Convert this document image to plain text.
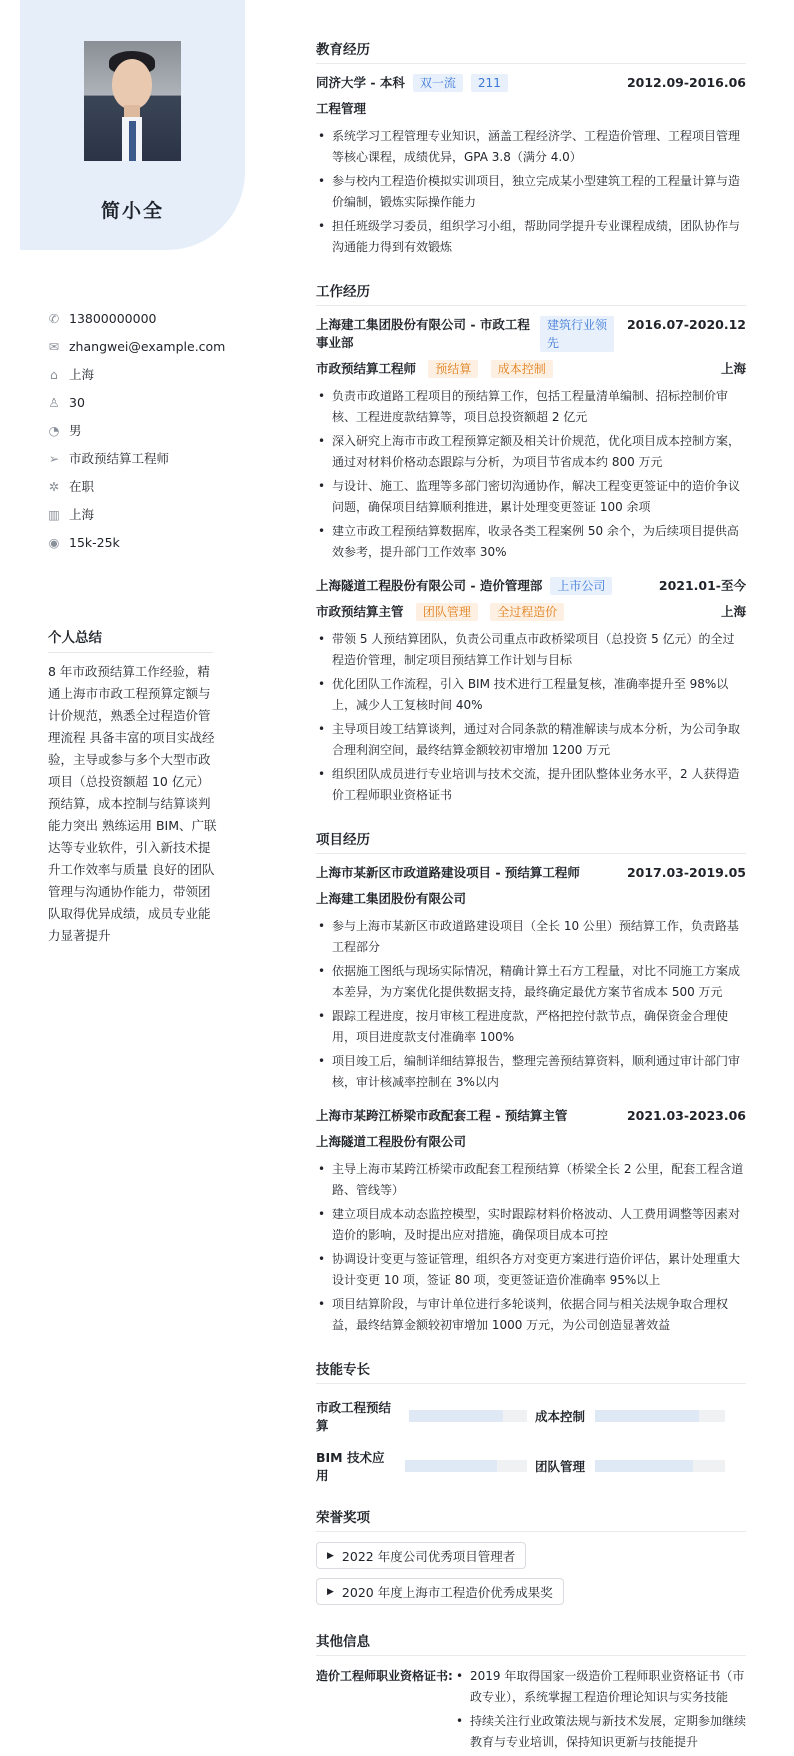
简小全
✆ 13800000000
✉ zhangwei@example.com
⌂ 上海
♙ 30
◔ 男
➢ 市政预结算工程师
✲ 在职
▥ 上海
◉ 15k-25k
个人总结
8 年市政预结算工作经验，精通上海市市政工程预算定额与计价规范，熟悉全过程造价管理流程 具备丰富的项目实战经验，主导或参与多个大型市政项目（总投资额超 10 亿元）预结算，成本控制与结算谈判能力突出 熟练运用 BIM、广联达等专业软件，引入新技术提升工作效率与质量 良好的团队管理与沟通协作能力，带领团队取得优异成绩，成员专业能力显著提升
教育经历
同济大学 - 本科	双一流	211	2012.09-2016.06
工程管理
• 系统学习工程管理专业知识，涵盖工程经济学、工程造价管理、工程项目管理等核心课程，成绩优异，GPA 3.8（满分 4.0）
• 参与校内工程造价模拟实训项目，独立完成某小型建筑工程的工程量计算与造价编制，锻炼实际操作能力
• 担任班级学习委员，组织学习小组，帮助同学提升专业课程成绩，团队协作与沟通能力得到有效锻炼
工作经历
上海建工集团股份有限公司 - 市政工程事业部
建筑行业领先
2016.07-2020.12
市政预结算工程师 预结算 成本控制	上海
• 负责市政道路工程项目的预结算工作，包括工程量清单编制、招标控制价审核、工程进度款结算等，项目总投资额超 2 亿元
• 深入研究上海市市政工程预算定额及相关计价规范，优化项目成本控制方案，通过对材料价格动态跟踪与分析，为项目节省成本约 800 万元
• 与设计、施工、监理等多部门密切沟通协作，解决工程变更签证中的造价争议问题，确保项目结算顺利推进，累计处理变更签证 100 余项
• 建立市政工程预结算数据库，收录各类工程案例 50 余个，为后续项目提供高效参考，提升部门工作效率 30%
上海隧道工程股份有限公司 - 造价管理部	上市公司	2021.01-至今
市政预结算主管 团队管理 全过程造价	上海
• 带领 5 人预结算团队，负责公司重点市政桥梁项目（总投资 5 亿元）的全过程造价管理，制定项目预结算工作计划与目标
• 优化团队工作流程，引入 BIM 技术进行工程量复核，准确率提升至 98%以上，减少人工复核时间 40%
• 主导项目竣工结算谈判，通过对合同条款的精准解读与成本分析，为公司争取合理利润空间，最终结算金额较初审增加 1200 万元
• 组织团队成员进行专业培训与技术交流，提升团队整体业务水平，2 人获得造价工程师职业资格证书
项目经历
上海市某新区市政道路建设项目 - 预结算工程师	2017.03-2019.05
上海建工集团股份有限公司
• 参与上海市某新区市政道路建设项目（全长 10 公里）预结算工作，负责路基工程部分
• 依据施工图纸与现场实际情况，精确计算土石方工程量，对比不同施工方案成本差异，为方案优化提供数据支持，最终确定最优方案节省成本 500 万元
• 跟踪工程进度，按月审核工程进度款，严格把控付款节点，确保资金合理使用，项目进度款支付准确率 100%
• 项目竣工后，编制详细结算报告，整理完善预结算资料，顺利通过审计部门审核，审计核减率控制在 3%以内
上海市某跨江桥梁市政配套工程 - 预结算主管	2021.03-2023.06
上海隧道工程股份有限公司
• 主导上海市某跨江桥梁市政配套工程预结算（桥梁全长 2 公里，配套工程含道路、管线等）
• 建立项目成本动态监控模型，实时跟踪材料价格波动、人工费用调整等因素对造价的影响，及时提出应对措施，确保项目成本可控
• 协调设计变更与签证管理，组织各方对变更方案进行造价评估，累计处理重大设计变更 10 项，签证 80 项，变更签证造价准确率 95%以上
• 项目结算阶段，与审计单位进行多轮谈判，依据合同与相关法规争取合理权益，最终结算金额较初审增加 1000 万元，为公司创造显著效益
技能专长
市政工程预结算
成本控制
BIM 技术应用
团队管理
荣誉奖项
▶ 2022 年度公司优秀项目管理者
▶ 2020 年度上海市工程造价优秀成果奖
其他信息
造价工程师职业资格证书:
•	2019 年取得国家一级造价工程师职业资格证书（市政专业），系统掌握工程造价理论知识与实务技能
• 持续关注行业政策法规与新技术发展，定期参加继续教育与专业培训，保持知识更新与技能提升
